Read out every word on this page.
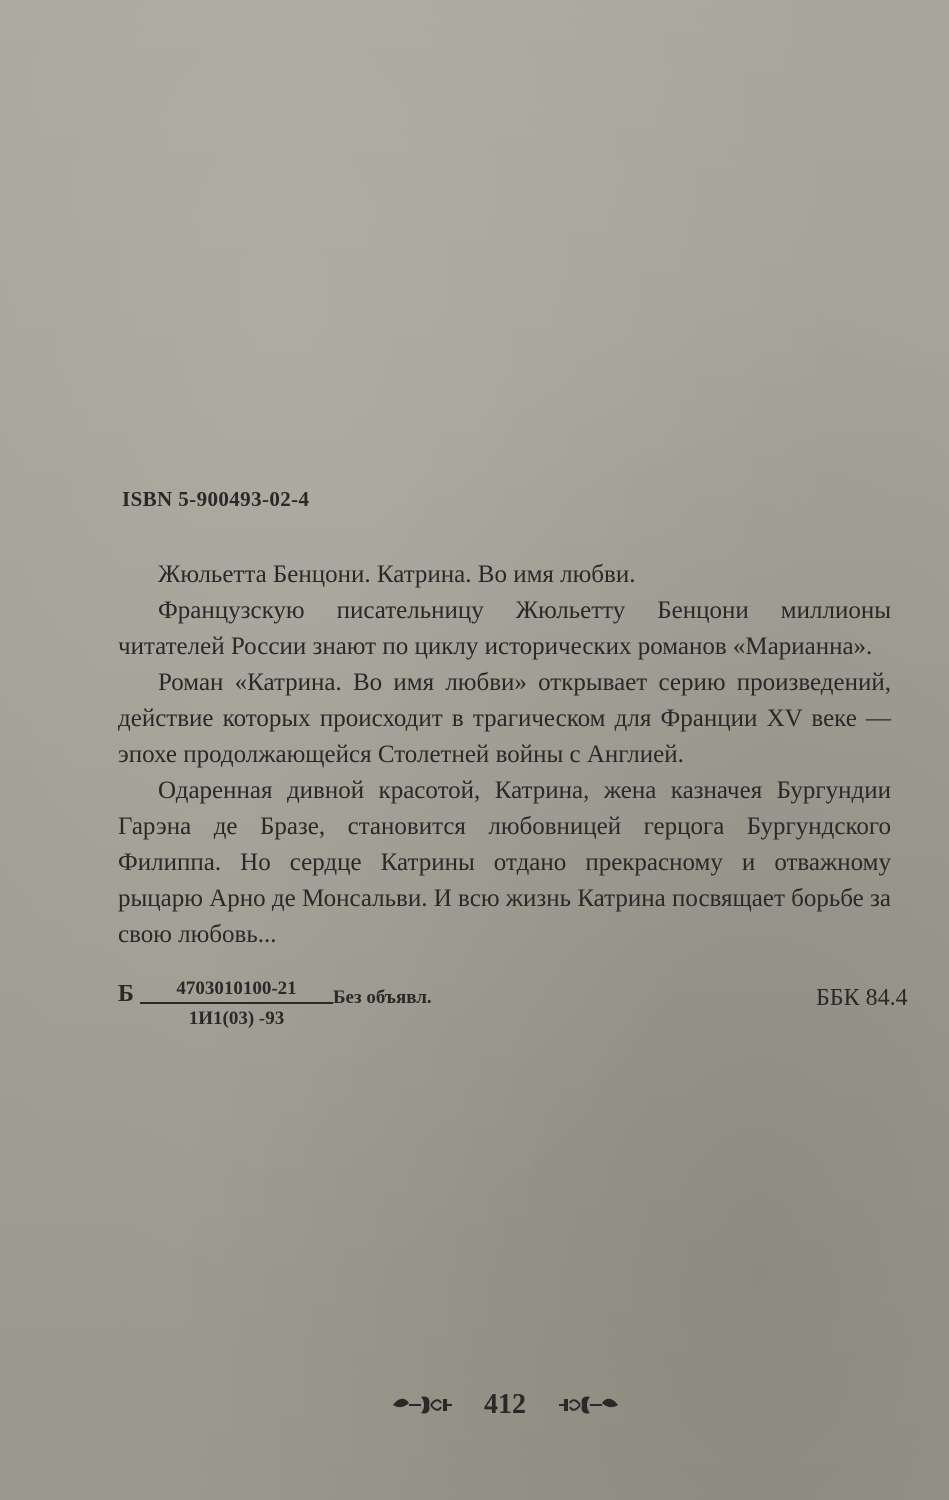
ISBN 5-900493-02-4

Жюльетта Бенцони. Катрина. Во имя любви.

Французскую писательницу Жюльетту Бенцони миллионы читателей России знают по циклу исторических романов «Марианна».

Роман «Катрина. Во имя любви» открывает серию произведений, действие которых происходит в трагическом для Франции XV веке — эпохе продолжающейся Столетней войны с Англией.

Одаренная дивной красотой, Катрина, жена казначея Бургундии Гарэна де Бразе, становится любовницей герцога Бургундского Филиппа. Но сердце Катрины отдано прекрасному и отважному рыцарю Арно де Монсальви. И всю жизнь Катрина посвящает борьбе за свою любовь...

Б	4703010100-21
1И1(03) -93
Без объявл.	ББК 84.4
412
